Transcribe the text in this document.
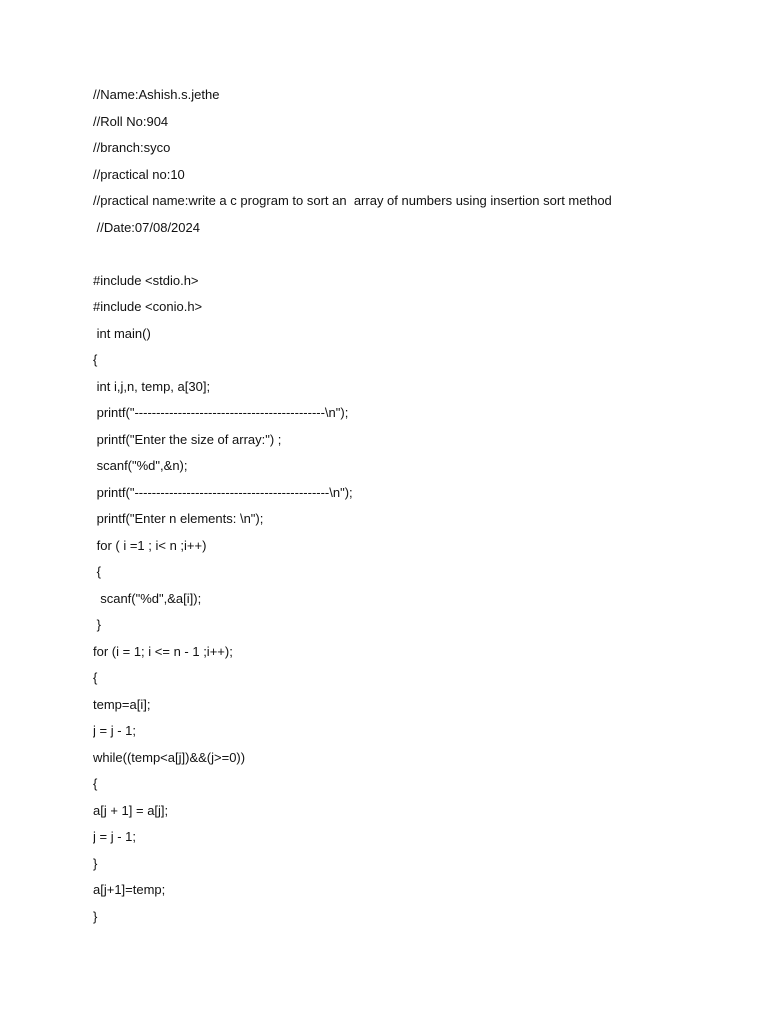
//Name:Ashish.s.jethe
//Roll No:904
//branch:syco
//practical no:10
//practical name:write a c program to sort an  array of numbers using insertion sort method
//Date:07/08/2024
#include <stdio.h>
#include <conio.h>
int main()
{
int i,j,n, temp, a[30];
printf("--------------------------------------------\n");
printf("Enter the size of array:") ;
scanf("%d",&n);
printf("---------------------------------------------\n");
printf("Enter n elements: \n");
for ( i =1 ; i< n ;i++)
{
scanf("%d",&a[i]);
}
for (i = 1; i <= n - 1 ;i++);
{
temp=a[i];
j = j - 1;
while((temp<a[j])&&(j>=0))
{
a[j + 1] = a[j];
j = j - 1;
}
a[j+1]=temp;
}
